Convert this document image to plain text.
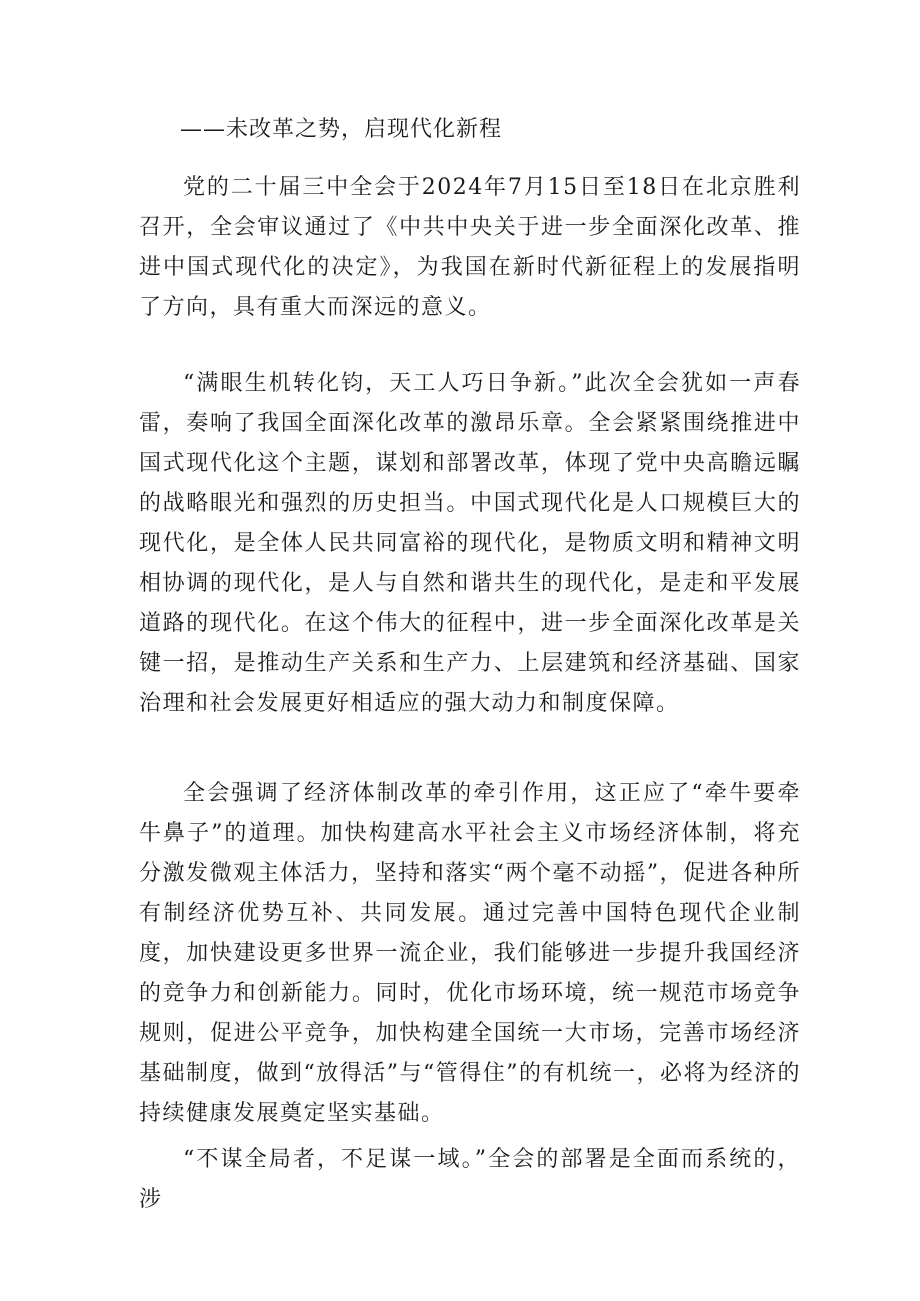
——未改革之势，启现代化新程

党的二十届三中全会于2024年7月15日至18日在北京胜利召开，全会审议通过了《中共中央关于进一步全面深化改革、推进中国式现代化的决定》，为我国在新时代新征程上的发展指明了方向，具有重大而深远的意义。

“满眼生机转化钧，天工人巧日争新。”此次全会犹如一声春雷，奏响了我国全面深化改革的激昂乐章。全会紧紧围绕推进中国式现代化这个主题，谋划和部署改革，体现了党中央高瞻远瞩的战略眼光和强烈的历史担当。中国式现代化是人口规模巨大的现代化，是全体人民共同富裕的现代化，是物质文明和精神文明相协调的现代化，是人与自然和谐共生的现代化，是走和平发展道路的现代化。在这个伟大的征程中，进一步全面深化改革是关键一招，是推动生产关系和生产力、上层建筑和经济基础、国家治理和社会发展更好相适应的强大动力和制度保障。

全会强调了经济体制改革的牵引作用，这正应了“牵牛要牵牛鼻子”的道理。加快构建高水平社会主义市场经济体制，将充分激发微观主体活力，坚持和落实“两个毫不动摇”，促进各种所有制经济优势互补、共同发展。通过完善中国特色现代企业制度，加快建设更多世界一流企业，我们能够进一步提升我国经济的竞争力和创新能力。同时，优化市场环境，统一规范市场竞争规则，促进公平竞争，加快构建全国统一大市场，完善市场经济基础制度，做到“放得活”与“管得住”的有机统一，必将为经济的持续健康发展奠定坚实基础。

“不谋全局者，不足谋一域。”全会的部署是全面而系统的，涉
